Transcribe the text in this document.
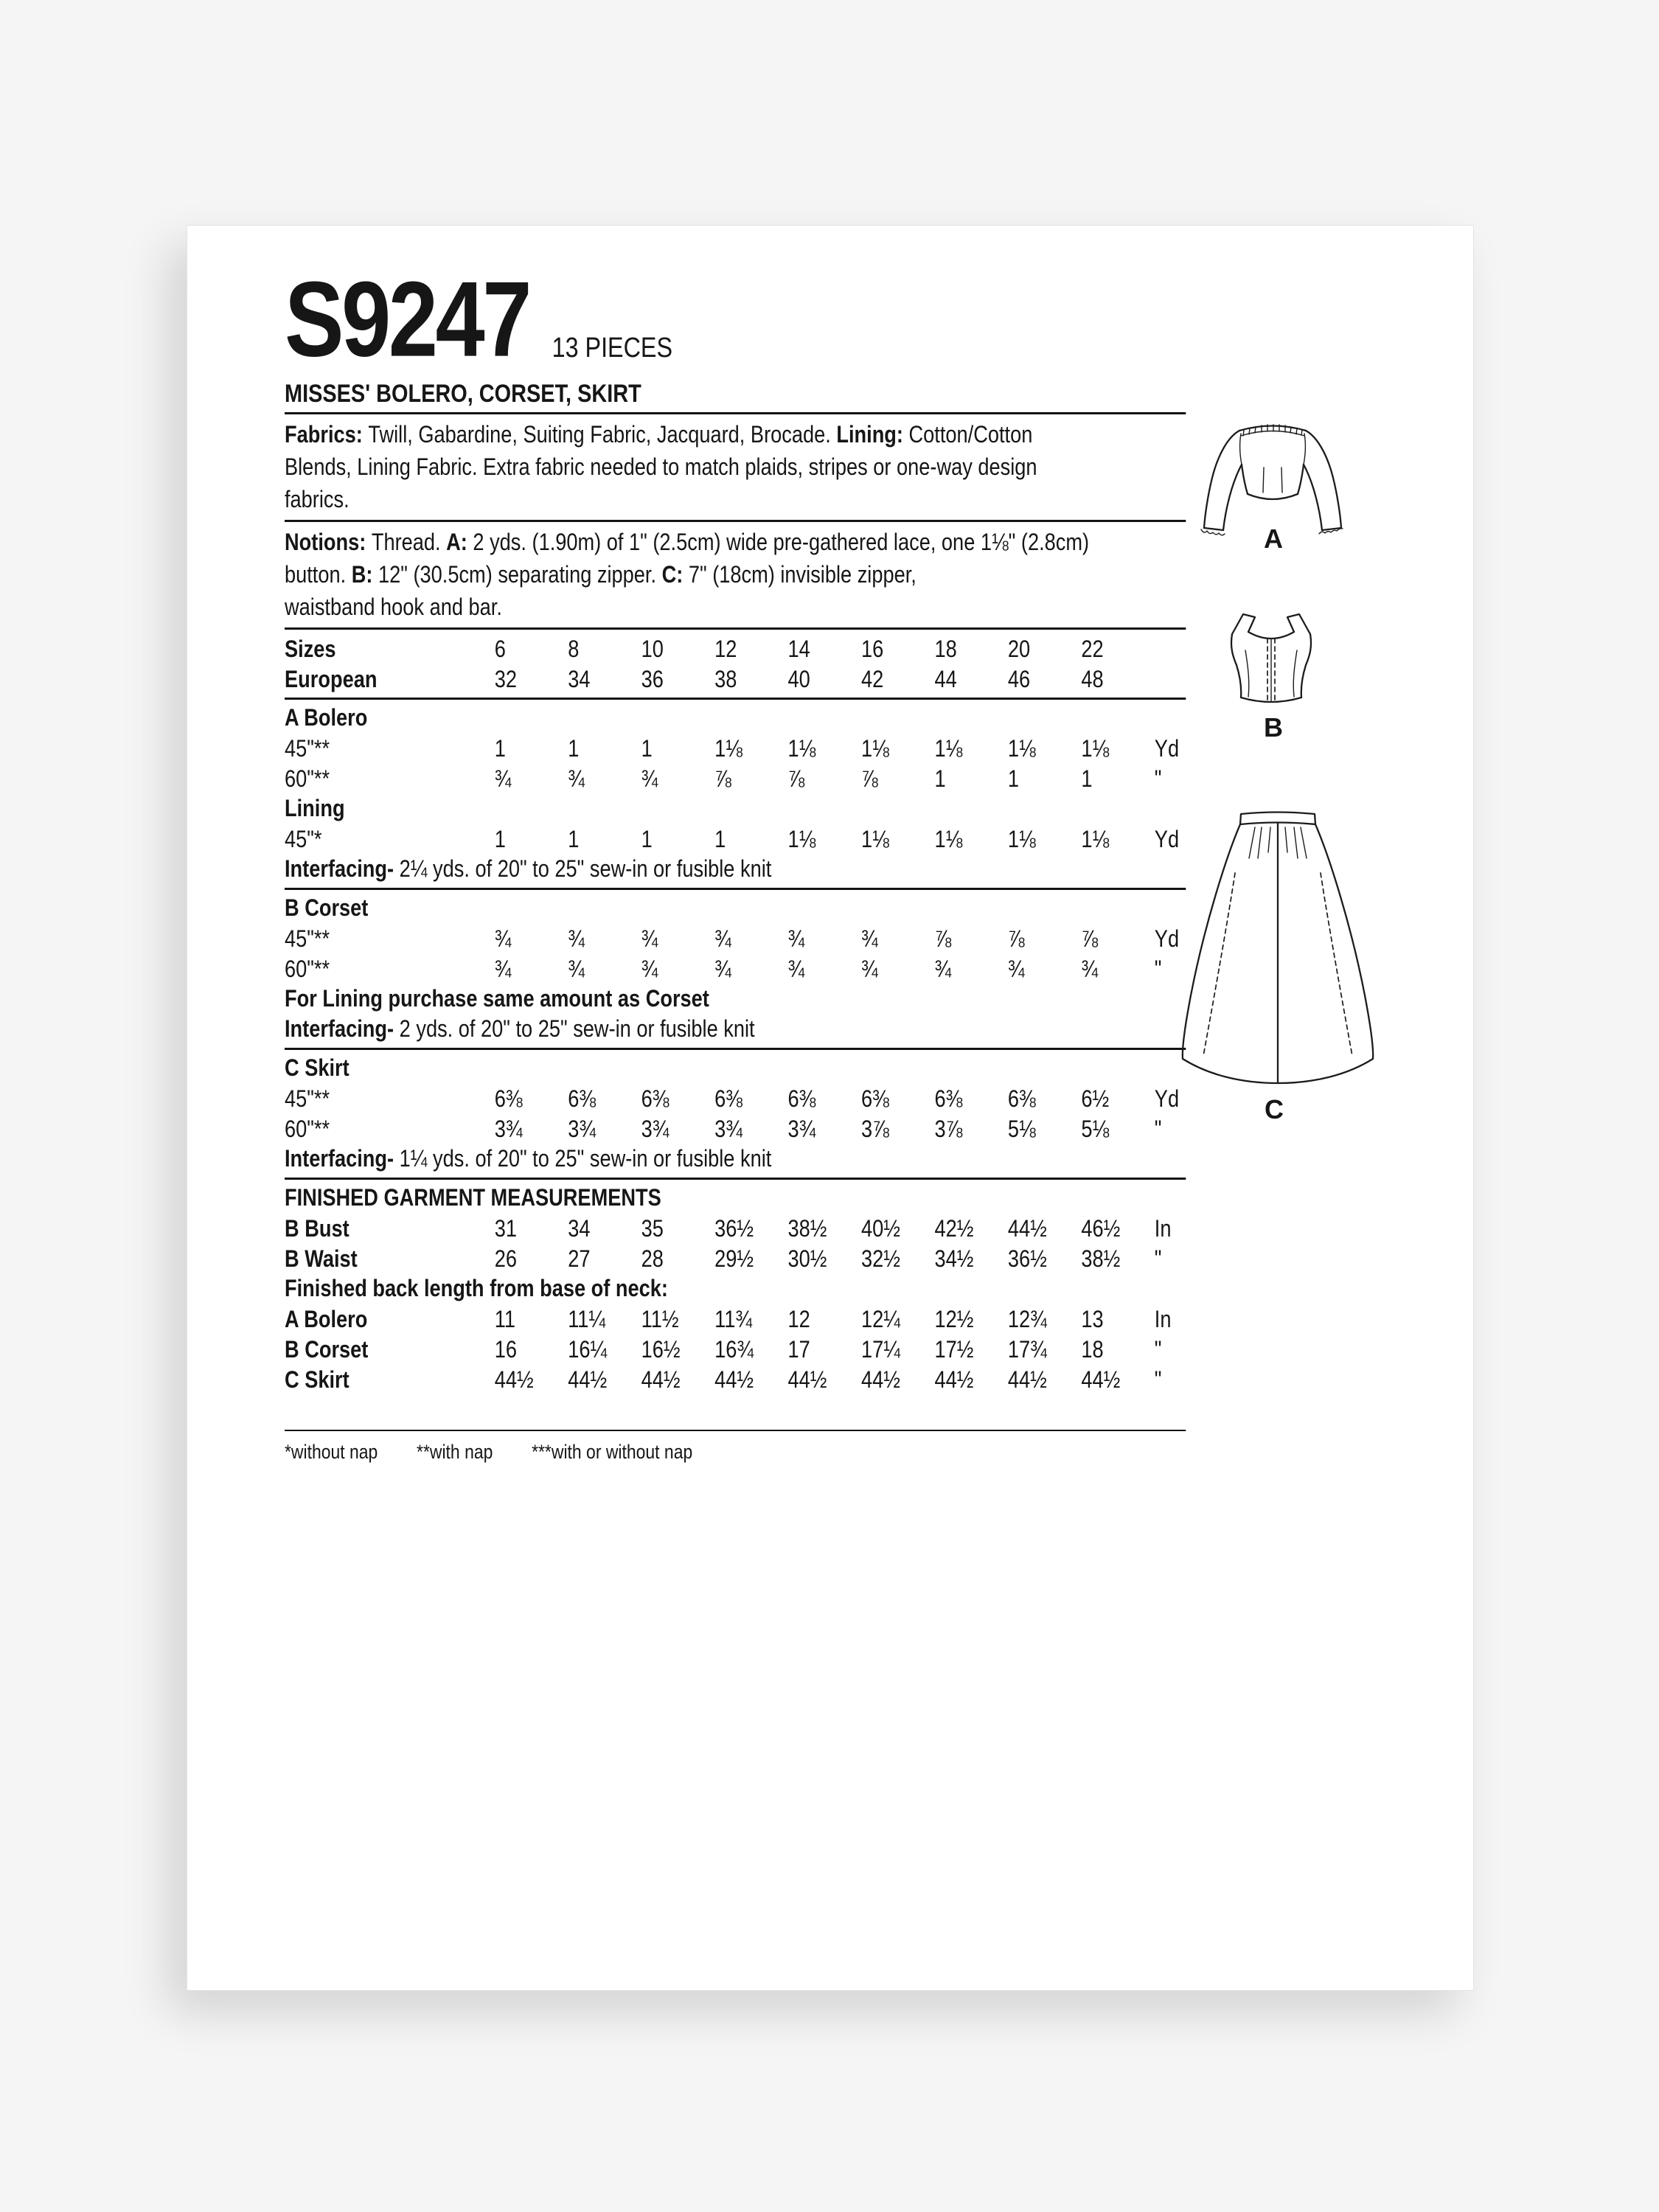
S9247 13 PIECES
MISSES' BOLERO, CORSET, SKIRT

Fabrics: Twill, Gabardine, Suiting Fabric, Jacquard, Brocade. Lining: Cotton/Cotton
Blends, Lining Fabric. Extra fabric needed to match plaids, stripes or one-way design
fabrics.

Notions: Thread. A: 2 yds. (1.90m) of 1" (2.5cm) wide pre-gathered lace, one 1⅛" (2.8cm)
button. B: 12" (30.5cm) separating zipper. C: 7" (18cm) invisible zipper,
waistband hook and bar.

Sizes	6	8	10	12	14	16	18	20	22
European	32	34	36	38	40	42	44	46	48
A Bolero
45"**	1	1	1	1⅛	1⅛	1⅛	1⅛	1⅛	1⅛	Yd
60"**	¾	¾	¾	⅞	⅞	⅞	1	1	1	"
Lining
45"*	1	1	1	1	1⅛	1⅛	1⅛	1⅛	1⅛	Yd
Interfacing- 2¼ yds. of 20" to 25" sew-in or fusible knit
B Corset
45"**	¾	¾	¾	¾	¾	¾	⅞	⅞	⅞	Yd
60"**	¾	¾	¾	¾	¾	¾	¾	¾	¾	"
For Lining purchase same amount as Corset
Interfacing- 2 yds. of 20" to 25" sew-in or fusible knit
C Skirt
45"**	6⅜	6⅜	6⅜	6⅜	6⅜	6⅜	6⅜	6⅜	6½	Yd
60"**	3¾	3¾	3¾	3¾	3¾	3⅞	3⅞	5⅛	5⅛	"
Interfacing- 1¼ yds. of 20" to 25" sew-in or fusible knit
FINISHED GARMENT MEASUREMENTS
B Bust	31	34	35	36½	38½	40½	42½	44½	46½	In
B Waist	26	27	28	29½	30½	32½	34½	36½	38½	"
Finished back length from base of neck:
A Bolero	11	11¼	11½	11¾	12	12¼	12½	12¾	13	In
B Corset	16	16¼	16½	16¾	17	17¼	17½	17¾	18	"
C Skirt	44½	44½	44½	44½	44½	44½	44½	44½	44½	"

*without nap **with nap ***with or without nap

A
B
C
